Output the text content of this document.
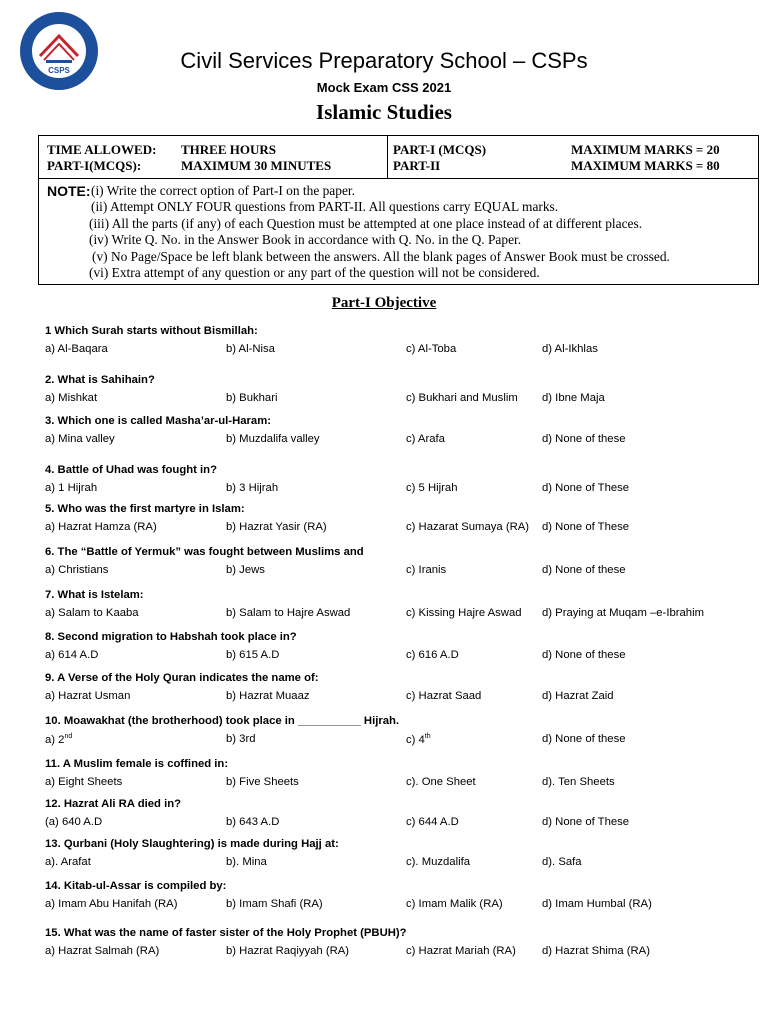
CSPS	Civil Services Preparatory School – CSPs
Mock Exam CSS 2021
Islamic Studies
TIME ALLOWED: THREE HOURS
PART-I(MCQS):	MAXIMUM 30 MINUTES
PART-I (MCQS)	MAXIMUM MARKS = 20
PART-II	MAXIMUM MARKS = 80
NOTE: (i) Write the correct option of Part-I on the paper.
(ii) Attempt ONLY FOUR questions from PART-II. All questions carry EQUAL marks.
(iii) All the parts (if any) of each Question must be attempted at one place instead of at different places.
(iv) Write Q. No. in the Answer Book in accordance with Q. No. in the Q. Paper.
(v) No Page/Space be left blank between the answers. All the blank pages of Answer Book must be crossed.
(vi) Extra attempt of any question or any part of the question will not be considered.
Part-I Objective
1 Which Surah starts without Bismillah:
a) Al-Baqara	b) Al-Nisa	c) Al-Toba	d) Al-Ikhlas
2. What is Sahihain?
a) Mishkat	b) Bukhari	c) Bukhari and Muslim d) Ibne Maja
3. Which one is called Masha’ar-ul-Haram:
a) Mina valley	b) Muzdalifa valley	c) Arafa	d) None of these
4. Battle of Uhad was fought in?
a) 1 Hijrah	b) 3 Hijrah	c) 5 Hijrah	d) None of These
5. Who was the first martyre in Islam:
a) Hazrat Hamza (RA)	b) Hazrat Yasir (RA)	c) Hazarat Sumaya (RA) d) None of These
6. The “Battle of Yermuk” was fought between Muslims and
a) Christians	b) Jews	c) Iranis	d) None of these
7. What is Istelam:
a) Salam to Kaaba	b) Salam to Hajre Aswad	c) Kissing Hajre Aswad d) Praying at Muqam –e-Ibrahim
8. Second migration to Habshah took place in?
a) 614 A.D	b) 615 A.D	c) 616 A.D	d) None of these
9. A Verse of the Holy Quran indicates the name of:
a) Hazrat Usman	b) Hazrat Muaaz	c) Hazrat Saad	d) Hazrat Zaid
10. Moawakhat (the brotherhood) took place in __________ Hijrah.
a) 2nd	b) 3rd	c) 4th	d) None of these
11. A Muslim female is coffined in:
a) Eight Sheets	b) Five Sheets	c). One Sheet	d). Ten Sheets
12. Hazrat Ali RA died in?
(a) 640 A.D	b) 643 A.D	c) 644 A.D	d) None of These
13. Qurbani (Holy Slaughtering) is made during Hajj at:
a). Arafat	b). Mina	c). Muzdalifa	d). Safa
14. Kitab-ul-Assar is compiled by:
a) Imam Abu Hanifah (RA)	b) Imam Shafi (RA)	c) Imam Malik (RA)	d) Imam Humbal (RA)
15. What was the name of faster sister of the Holy Prophet (PBUH)?
a) Hazrat Salmah (RA)	b) Hazrat Raqiyyah (RA)	c) Hazrat Mariah (RA) d) Hazrat Shima (RA)
